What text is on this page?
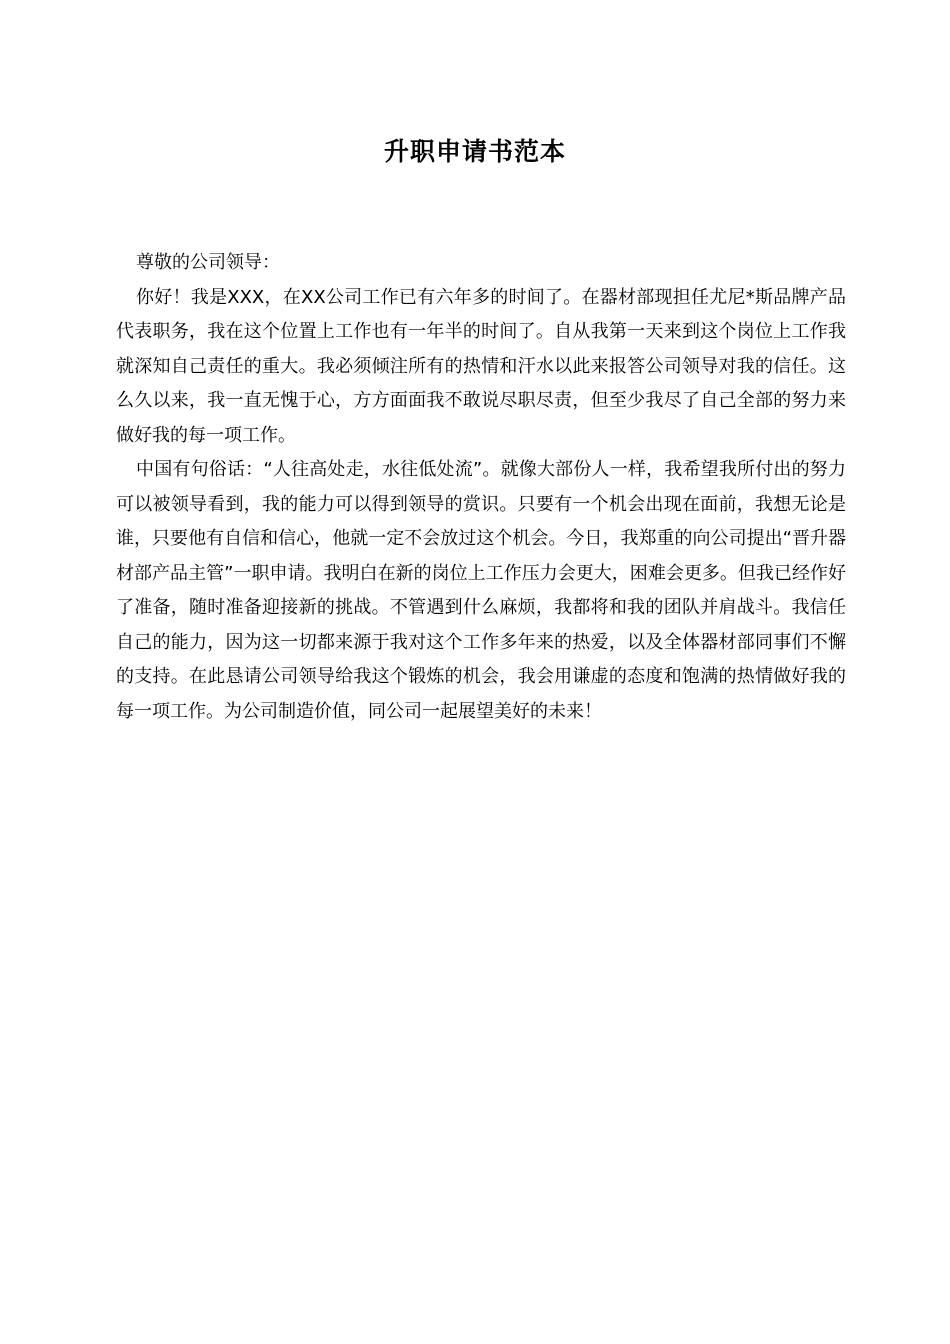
升职申请书范本

尊敬的公司领导：

你好！我是XXX，在XX公司工作已有六年多的时间了。在器材部现担任尤尼*斯品牌产品代表职务，我在这个位置上工作也有一年半的时间了。自从我第一天来到这个岗位上工作我就深知自己责任的重大。我必须倾注所有的热情和汗水以此来报答公司领导对我的信任。这么久以来，我一直无愧于心，方方面面我不敢说尽职尽责，但至少我尽了自己全部的努力来做好我的每一项工作。

中国有句俗话：“人往高处走，水往低处流”。就像大部份人一样，我希望我所付出的努力可以被领导看到，我的能力可以得到领导的赏识。只要有一个机会出现在面前，我想无论是谁，只要他有自信和信心，他就一定不会放过这个机会。今日，我郑重的向公司提出“晋升器材部产品主管”一职申请。我明白在新的岗位上工作压力会更大，困难会更多。但我已经作好了准备，随时准备迎接新的挑战。不管遇到什么麻烦，我都将和我的团队并肩战斗。我信任自己的能力，因为这一切都来源于我对这个工作多年来的热爱，以及全体器材部同事们不懈的支持。在此恳请公司领导给我这个锻炼的机会，我会用谦虚的态度和饱满的热情做好我的每一项工作。为公司制造价值，同公司一起展望美好的未来！
